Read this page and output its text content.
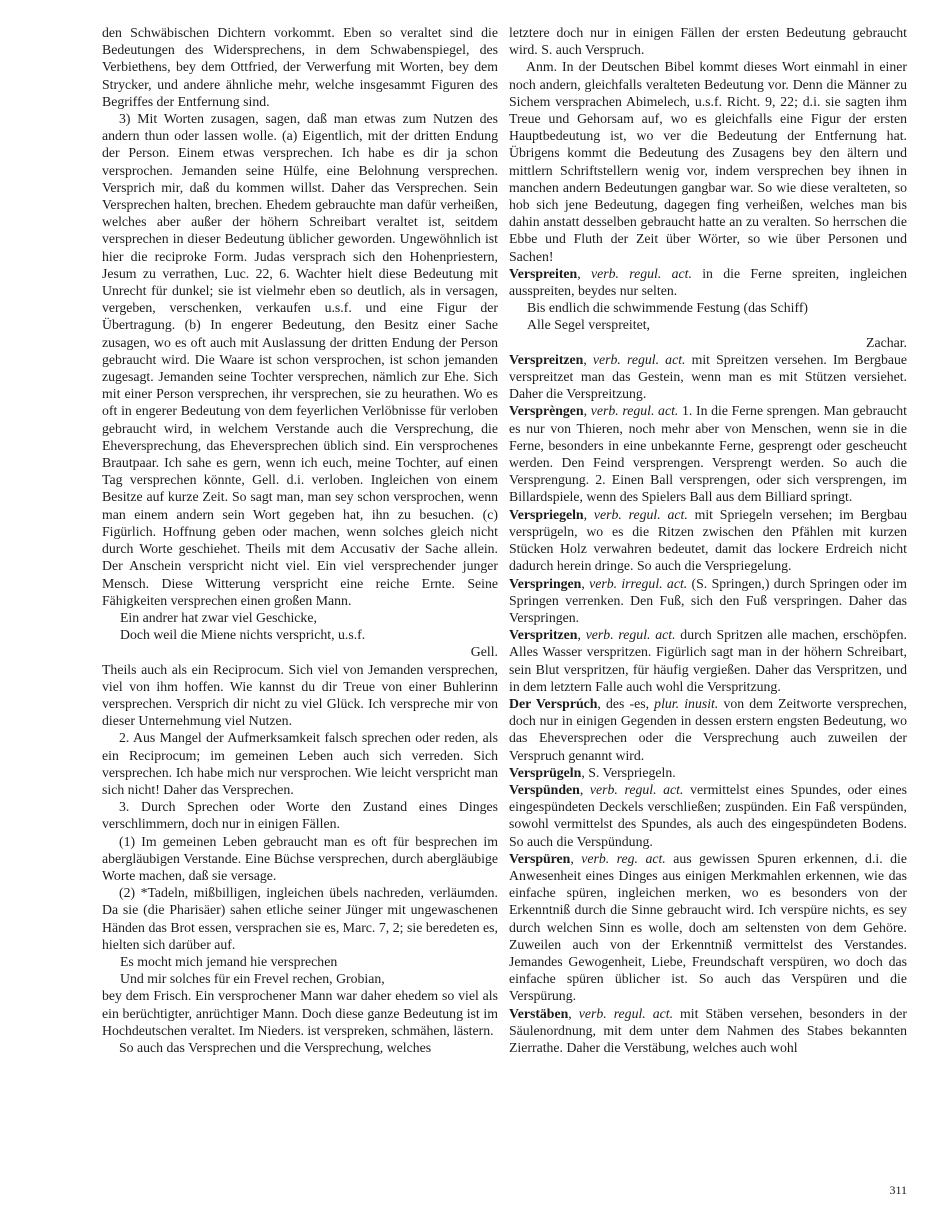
den Schwäbischen Dichtern vorkommt. Eben so veraltet sind die Bedeutungen des Widersprechens, in dem Schwabenspiegel, des Verbiethens, bey dem Ottfried, der Verwerfung mit Worten, bey dem Strycker, und andere ähnliche mehr, welche insgesammt Figuren des Begriffes der Entfernung sind.

3) Mit Worten zusagen, sagen, daß man etwas zum Nutzen des andern thun oder lassen wolle. (a) Eigentlich, mit der dritten Endung der Person. Einem etwas versprechen. Ich habe es dir ja schon versprochen. Jemanden seine Hülfe, eine Belohnung versprechen. Versprich mir, daß du kommen willst. Daher das Versprechen. Sein Versprechen halten, brechen. Ehedem gebrauchte man dafür verheißen, welches aber außer der höhern Schreibart veraltet ist, seitdem versprechen in dieser Bedeutung üblicher geworden. Ungewöhnlich ist hier die reciproke Form. Judas versprach sich den Hohenpriestern, Jesum zu verrathen, Luc. 22, 6. Wachter hielt diese Bedeutung mit Unrecht für dunkel; sie ist vielmehr eben so deutlich, als in versagen, vergeben, verschenken, verkaufen u.s.f. und eine Figur der Übertragung. (b) In engerer Bedeutung, den Besitz einer Sache zusagen, wo es oft auch mit Auslassung der dritten Endung der Person gebraucht wird. Die Waare ist schon versprochen, ist schon jemanden zugesagt. Jemanden seine Tochter versprechen, nämlich zur Ehe. Sich mit einer Person versprechen, ihr versprechen, sie zu heurathen. Wo es oft in engerer Bedeutung von dem feyerlichen Verlöbnisse für verloben gebraucht wird, in welchem Verstande auch die Versprechung, die Eheversprechung, das Eheversprechen üblich sind. Ein versprochenes Brautpaar. Ich sahe es gern, wenn ich euch, meine Tochter, auf einen Tag versprechen könnte, Gell. d.i. verloben. Ingleichen von einem Besitze auf kurze Zeit. So sagt man, man sey schon versprochen, wenn man einem andern sein Wort gegeben hat, ihn zu besuchen. (c) Figürlich. Hoffnung geben oder machen, wenn solches gleich nicht durch Worte geschiehet. Theils mit dem Accusativ der Sache allein. Der Anschein verspricht nicht viel. Ein viel versprechender junger Mensch. Diese Witterung verspricht eine reiche Ernte. Seine Fähigkeiten versprechen einen großen Mann.

Ein andrer hat zwar viel Geschicke,

Doch weil die Miene nichts verspricht, u.s.f.

Gell.

Theils auch als ein Reciprocum. Sich viel von Jemanden versprechen, viel von ihm hoffen. Wie kannst du dir Treue von einer Buhlerinn versprechen. Versprich dir nicht zu viel Glück. Ich verspreche mir von dieser Unternehmung viel Nutzen.

2. Aus Mangel der Aufmerksamkeit falsch sprechen oder reden, als ein Reciprocum; im gemeinen Leben auch sich verreden. Sich versprechen. Ich habe mich nur versprochen. Wie leicht verspricht man sich nicht! Daher das Versprechen.

3. Durch Sprechen oder Worte den Zustand eines Dinges verschlimmern, doch nur in einigen Fällen.

(1) Im gemeinen Leben gebraucht man es oft für besprechen im abergläubigen Verstande. Eine Büchse versprechen, durch abergläubige Worte machen, daß sie versage.

(2) *Tadeln, mißbilligen, ingleichen übels nachreden, verläumden. Da sie (die Pharisäer) sahen etliche seiner Jünger mit ungewaschenen Händen das Brot essen, versprachen sie es, Marc. 7, 2; sie beredeten es, hielten sich darüber auf.

Es mocht mich jemand hie versprechen

Und mir solches für ein Frevel rechen, Grobian,

bey dem Frisch. Ein versprochener Mann war daher ehedem so viel als ein berüchtigter, anrüchtiger Mann. Doch diese ganze Bedeutung ist im Hochdeutschen veraltet. Im Nieders. ist verspreken, schmähen, lästern.

So auch das Versprechen und die Versprechung, welches

letztere doch nur in einigen Fällen der ersten Bedeutung gebraucht wird. S. auch Verspruch.

Anm. In der Deutschen Bibel kommt dieses Wort einmahl in einer noch andern, gleichfalls veralteten Bedeutung vor. Denn die Männer zu Sichem versprachen Abimelech, u.s.f. Richt. 9, 22; d.i. sie sagten ihm Treue und Gehorsam auf, wo es gleichfalls eine Figur der ersten Hauptbedeutung ist, wo ver die Bedeutung der Entfernung hat. Übrigens kommt die Bedeutung des Zusagens bey den ältern und mittlern Schriftstellern wenig vor, indem versprechen bey ihnen in manchen andern Bedeutungen gangbar war. So wie diese veralteten, so hob sich jene Bedeutung, dagegen fing verheißen, welches man bis dahin anstatt desselben gebraucht hatte an zu veralten. So herrschen die Ebbe und Fluth der Zeit über Wörter, so wie über Personen und Sachen!

Verspreiten, verb. regul. act. in die Ferne spreiten, ingleichen ausspreiten, beydes nur selten.

Bis endlich die schwimmende Festung (das Schiff)

Alle Segel verspreitet,

Zachar.

Verspreitzen, verb. regul. act. mit Spreitzen versehen. Im Bergbaue verspreitzet man das Gestein, wenn man es mit Stützen versiehet. Daher die Verspreitzung.

Versprèngen, verb. regul. act. 1. In die Ferne sprengen. Man gebraucht es nur von Thieren, noch mehr aber von Menschen, wenn sie in die Ferne, besonders in eine unbekannte Ferne, gesprengt oder gescheucht werden. Den Feind versprengen. Versprengt werden. So auch die Versprengung. 2. Einen Ball versprengen, oder sich versprengen, im Billardspiele, wenn des Spielers Ball aus dem Billiard springt.

Verspriegeln, verb. regul. act. mit Spriegeln versehen; im Bergbau versprügeln, wo es die Ritzen zwischen den Pfählen mit kurzen Stücken Holz verwahren bedeutet, damit das lockere Erdreich nicht dadurch herein dringe. So auch die Verspriegelung.

Verspringen, verb. irregul. act. (S. Springen,) durch Springen oder im Springen verrenken. Den Fuß, sich den Fuß verspringen. Daher das Verspringen.

Verspritzen, verb. regul. act. durch Spritzen alle machen, erschöpfen. Alles Wasser verspritzen. Figürlich sagt man in der höhern Schreibart, sein Blut verspritzen, für häufig vergießen. Daher das Verspritzen, und in dem letztern Falle auch wohl die Verspritzung.

Der Versprúch, des -es, plur. inusit. von dem Zeitworte versprechen, doch nur in einigen Gegenden in dessen erstern engsten Bedeutung, wo das Eheversprechen oder die Versprechung auch zuweilen der Verspruch genannt wird.

Versprügeln, S. Verspriegeln.

Verspünden, verb. regul. act. vermittelst eines Spundes, oder eines eingespündeten Deckels verschließen; zuspünden. Ein Faß verspünden, sowohl vermittelst des Spundes, als auch des eingespündeten Bodens. So auch die Verspündung.

Verspüren, verb. reg. act. aus gewissen Spuren erkennen, d.i. die Anwesenheit eines Dinges aus einigen Merkmahlen erkennen, wie das einfache spüren, ingleichen merken, wo es besonders von der Erkenntniß durch die Sinne gebraucht wird. Ich verspüre nichts, es sey durch welchen Sinn es wolle, doch am seltensten von dem Gehöre. Zuweilen auch von der Erkenntniß vermittelst des Verstandes. Jemandes Gewogenheit, Liebe, Freundschaft verspüren, wo doch das einfache spüren üblicher ist. So auch das Verspüren und die Verspürung.

Verstäben, verb. regul. act. mit Stäben versehen, besonders in der Säulenordnung, mit dem unter dem Nahmen des Stabes bekannten Zierrathe. Daher die Verstäbung, welches auch wohl

311
